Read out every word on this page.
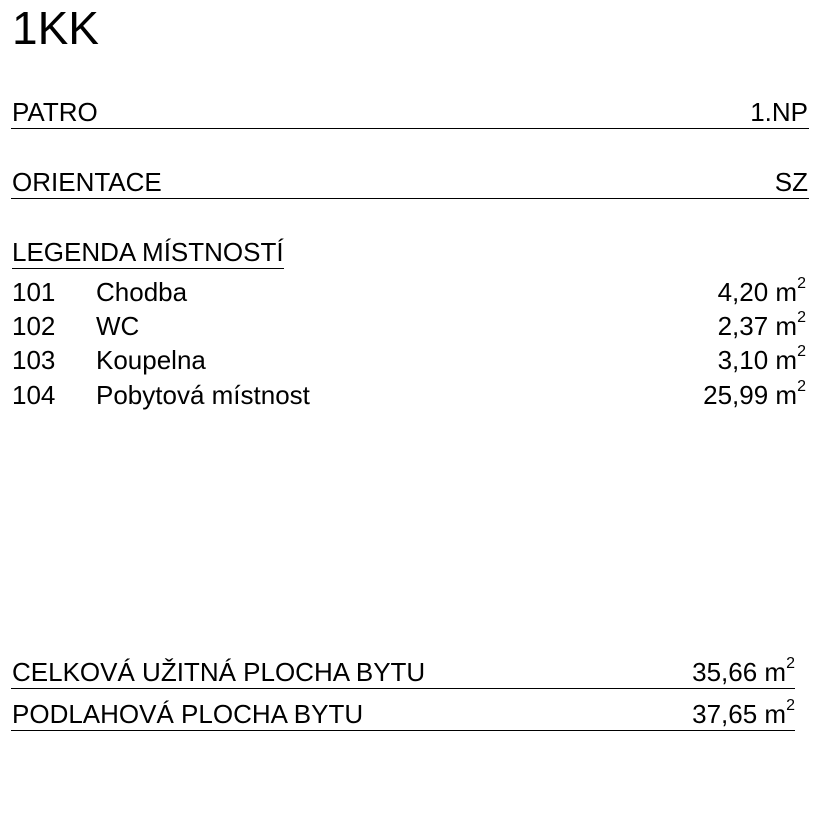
1KK
PATRO	1.NP
ORIENTACE	SZ
LEGENDA MÍSTNOSTÍ
101 Chodba	4,20 $m^2$
102 WC	2,37 $m^2$
103 Koupelna	3,10 $m^2$
104 Pobytová místnost	25,99 $m^2$
CELKOVÁ UŽITNÁ PLOCHA BYTU	35,66 $m^2$
PODLAHOVÁ PLOCHA BYTU	37,65 $m^2$
